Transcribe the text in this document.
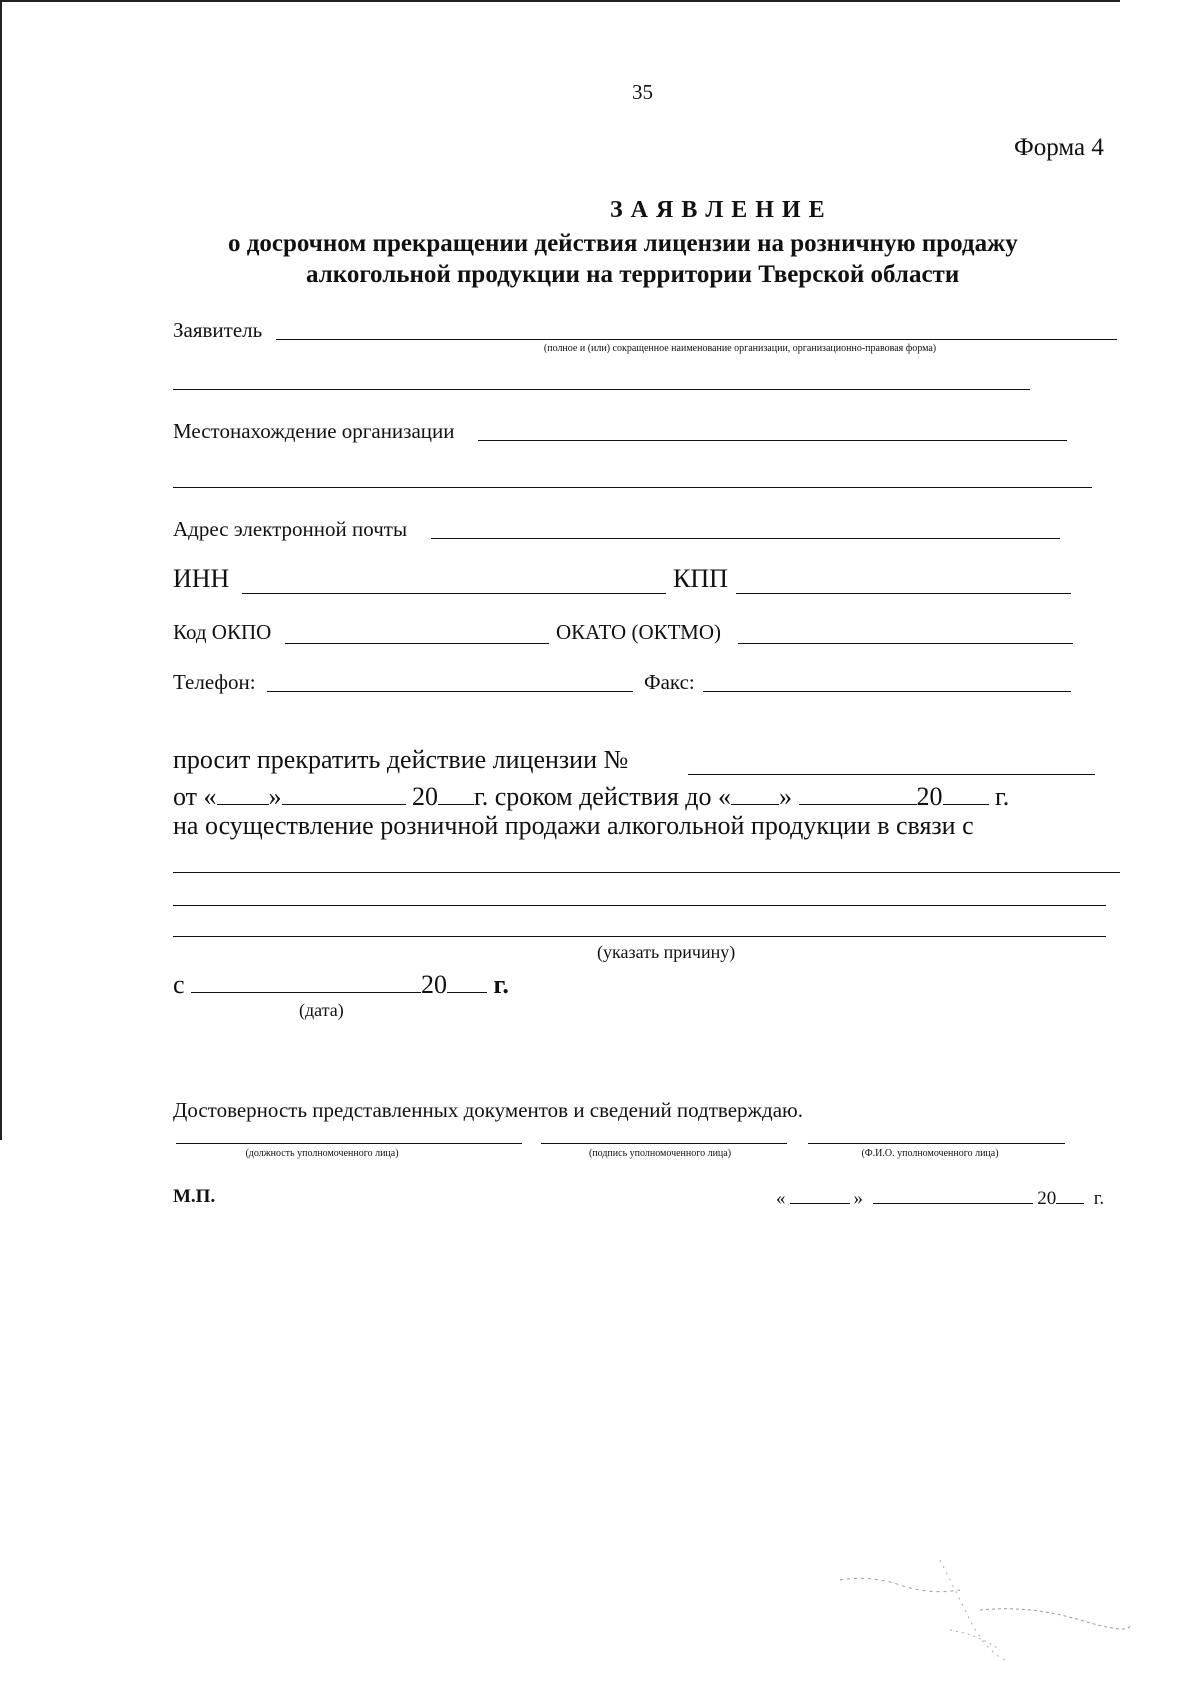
35
Форма 4
З А Я В Л Е Н И Е
о досрочном прекращении действия лицензии на розничную продажу
алкогольной продукции на территории Тверской области
Заявитель
(полное и (или) сокращенное наименование организации, организационно-правовая форма)
Местонахождение организации
Адрес электронной почты
ИНН	КПП
Код ОКПО	ОКАТО (ОКТМО)
Телефон:	Факс:
просит прекратить действие лицензии №
от « »	20 г. сроком действия до « »	20 г.
на осуществление розничной продажи алкогольной продукции в связи с
(указать причину)
с	20 г.
(дата)
Достоверность представленных документов и сведений подтверждаю.
(должность уполномоченного лица)	(подпись уполномоченного лица)	(Ф.И.О. уполномоченного лица)
М.П.	«	»	20 г.
